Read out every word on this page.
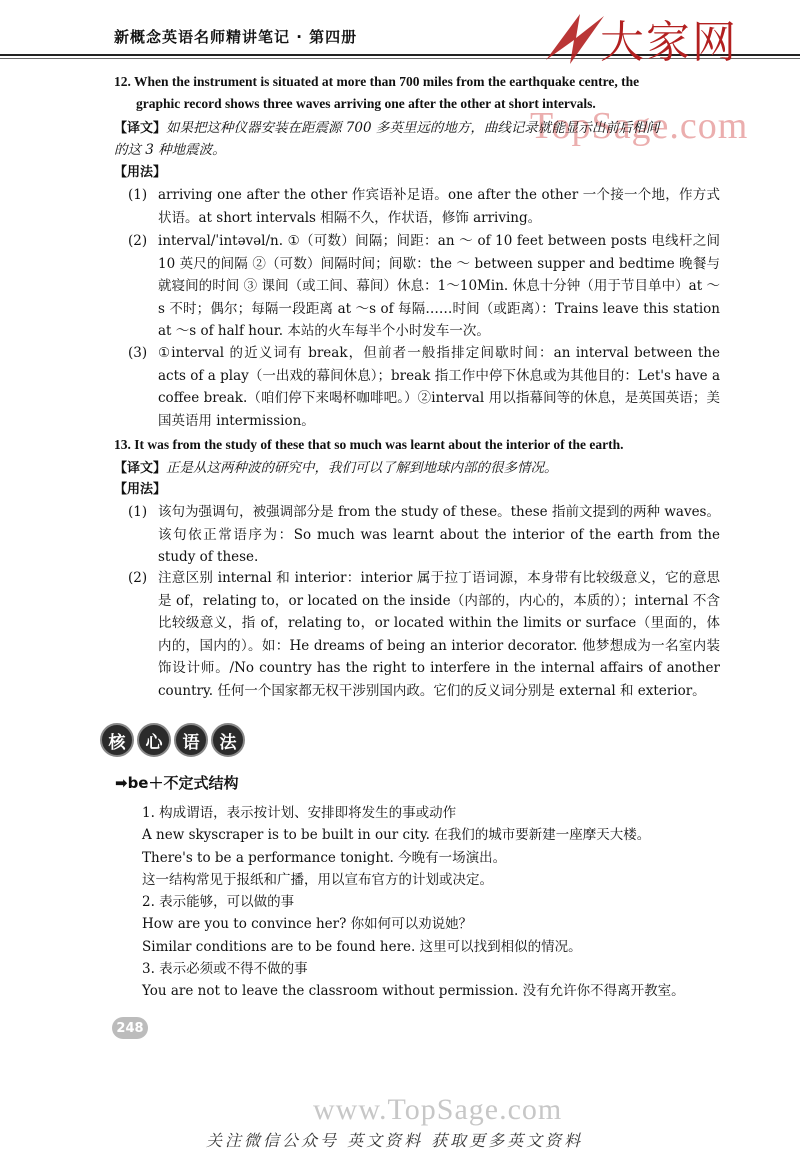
新概念英语名师精讲笔记 · 第四册	大家网
TopSage.com
12. When the instrument is situated at more than 700 miles from the earthquake centre, the
graphic record shows three waves arriving one after the other at short intervals.
【译文】如果把这种仪器安装在距震源 700 多英里远的地方，曲线记录就能显示出前后相间
的这 3 种地震波。
【用法】
(1) arriving one after the other 作宾语补足语。one after the other 一个接一个地，作方式状语。at short intervals 相隔不久，作状语，修饰 arriving。
(2) interval/ˈintəvəl/n. ①（可数）间隔；间距：an ～ of 10 feet between posts 电线杆之间 10 英尺的间隔 ②（可数）间隔时间；间歇：the ～ between supper and bedtime 晚餐与就寝间的时间 ③ 课间（或工间、幕间）休息：1～10Min. 休息十分钟（用于节目单中）at ～s 不时；偶尔；每隔一段距离 at ～s of 每隔……时间（或距离）：Trains leave this station at ～s of half hour. 本站的火车每半个小时发车一次。
(3) ①interval 的近义词有 break，但前者一般指排定间歇时间：an interval between the acts of a play（一出戏的幕间休息）；break 指工作中停下休息或为其他目的：Let's have a coffee break.（咱们停下来喝杯咖啡吧。）②interval 用以指幕间等的休息，是英国英语；美国英语用 intermission。
13. It was from the study of these that so much was learnt about the interior of the earth.
【译文】正是从这两种波的研究中，我们可以了解到地球内部的很多情况。
【用法】
(1) 该句为强调句，被强调部分是 from the study of these。these 指前文提到的两种 waves。该句依正常语序为：So much was learnt about the interior of the earth from the study of these.
(2) 注意区别 internal 和 interior：interior 属于拉丁语词源，本身带有比较级意义，它的意思是 of，relating to，or located on the inside（内部的，内心的，本质的）；internal 不含比较级意义，指 of，relating to，or located within the limits or surface（里面的，体内的，国内的）。如：He dreams of being an interior decorator. 他梦想成为一名室内装饰设计师。/No country has the right to interfere in the internal affairs of another country. 任何一个国家都无权干涉别国内政。它们的反义词分别是 external 和 exterior。
核	心	语	法
➡be＋不定式结构
1. 构成谓语，表示按计划、安排即将发生的事或动作
A new skyscraper is to be built in our city. 在我们的城市要新建一座摩天大楼。
There's to be a performance tonight. 今晚有一场演出。
这一结构常见于报纸和广播，用以宣布官方的计划或决定。
2. 表示能够，可以做的事
How are you to convince her? 你如何可以劝说她？
Similar conditions are to be found here. 这里可以找到相似的情况。
3. 表示必须或不得不做的事
You are not to leave the classroom without permission. 没有允许你不得离开教室。
248
www.TopSage.com
关注微信公众号 英文资料 获取更多英文资料
